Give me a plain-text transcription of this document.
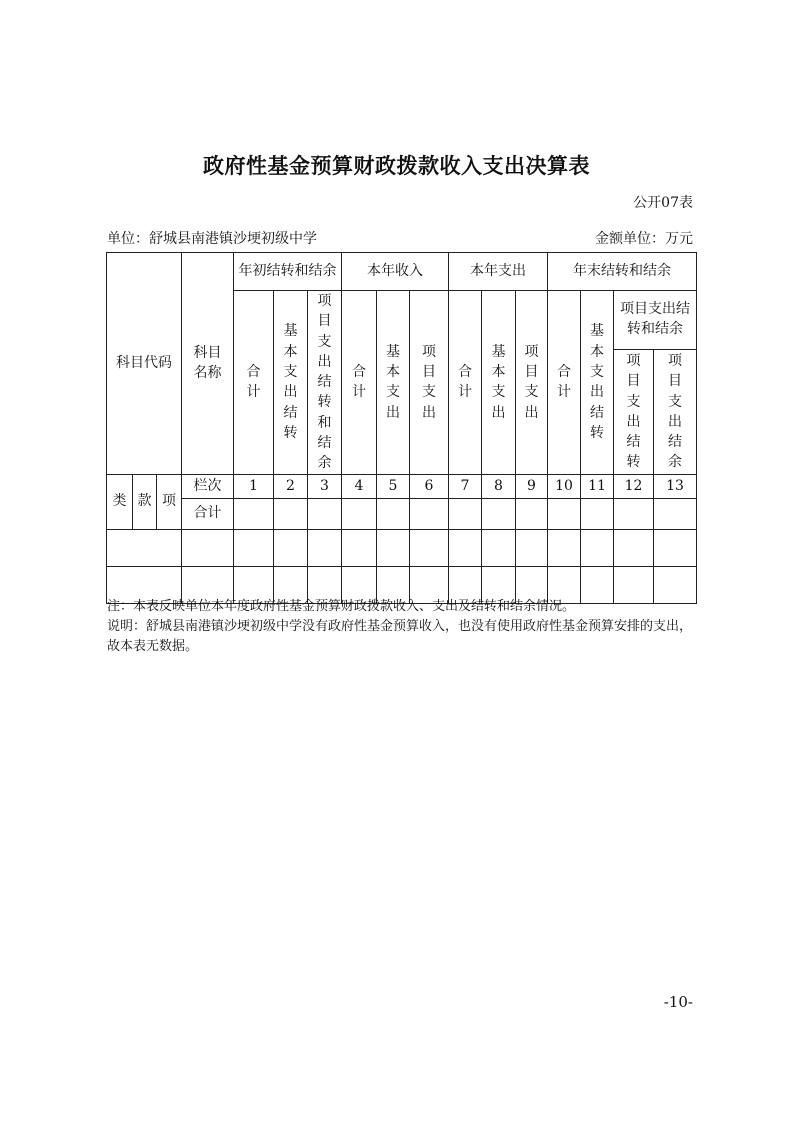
政府性基金预算财政拨款收入支出决算表
公开07表
单位：舒城县南港镇沙埂初级中学	金额单位：万元
科目代码			科目名称	年初结转和结余			本年收入			本年支出			年末结转和结余			
				合计	基本支出结转	项目支出结转和结余	合计	基本支出	项目支出	合计	基本支出	项目支出	合计	基本支出结转	项目支出结转和结余	
															项目支出结转	项目支出结余
类	款	项	栏次	1	2	3	4	5	6	7	8	9	10	11	12	13
			合计													

注：本表反映单位本年度政府性基金预算财政拨款收入、支出及结转和结余情况。
说明：舒城县南港镇沙埂初级中学没有政府性基金预算收入，也没有使用政府性基金预算安排的支出，故本表无数据。
-10-
